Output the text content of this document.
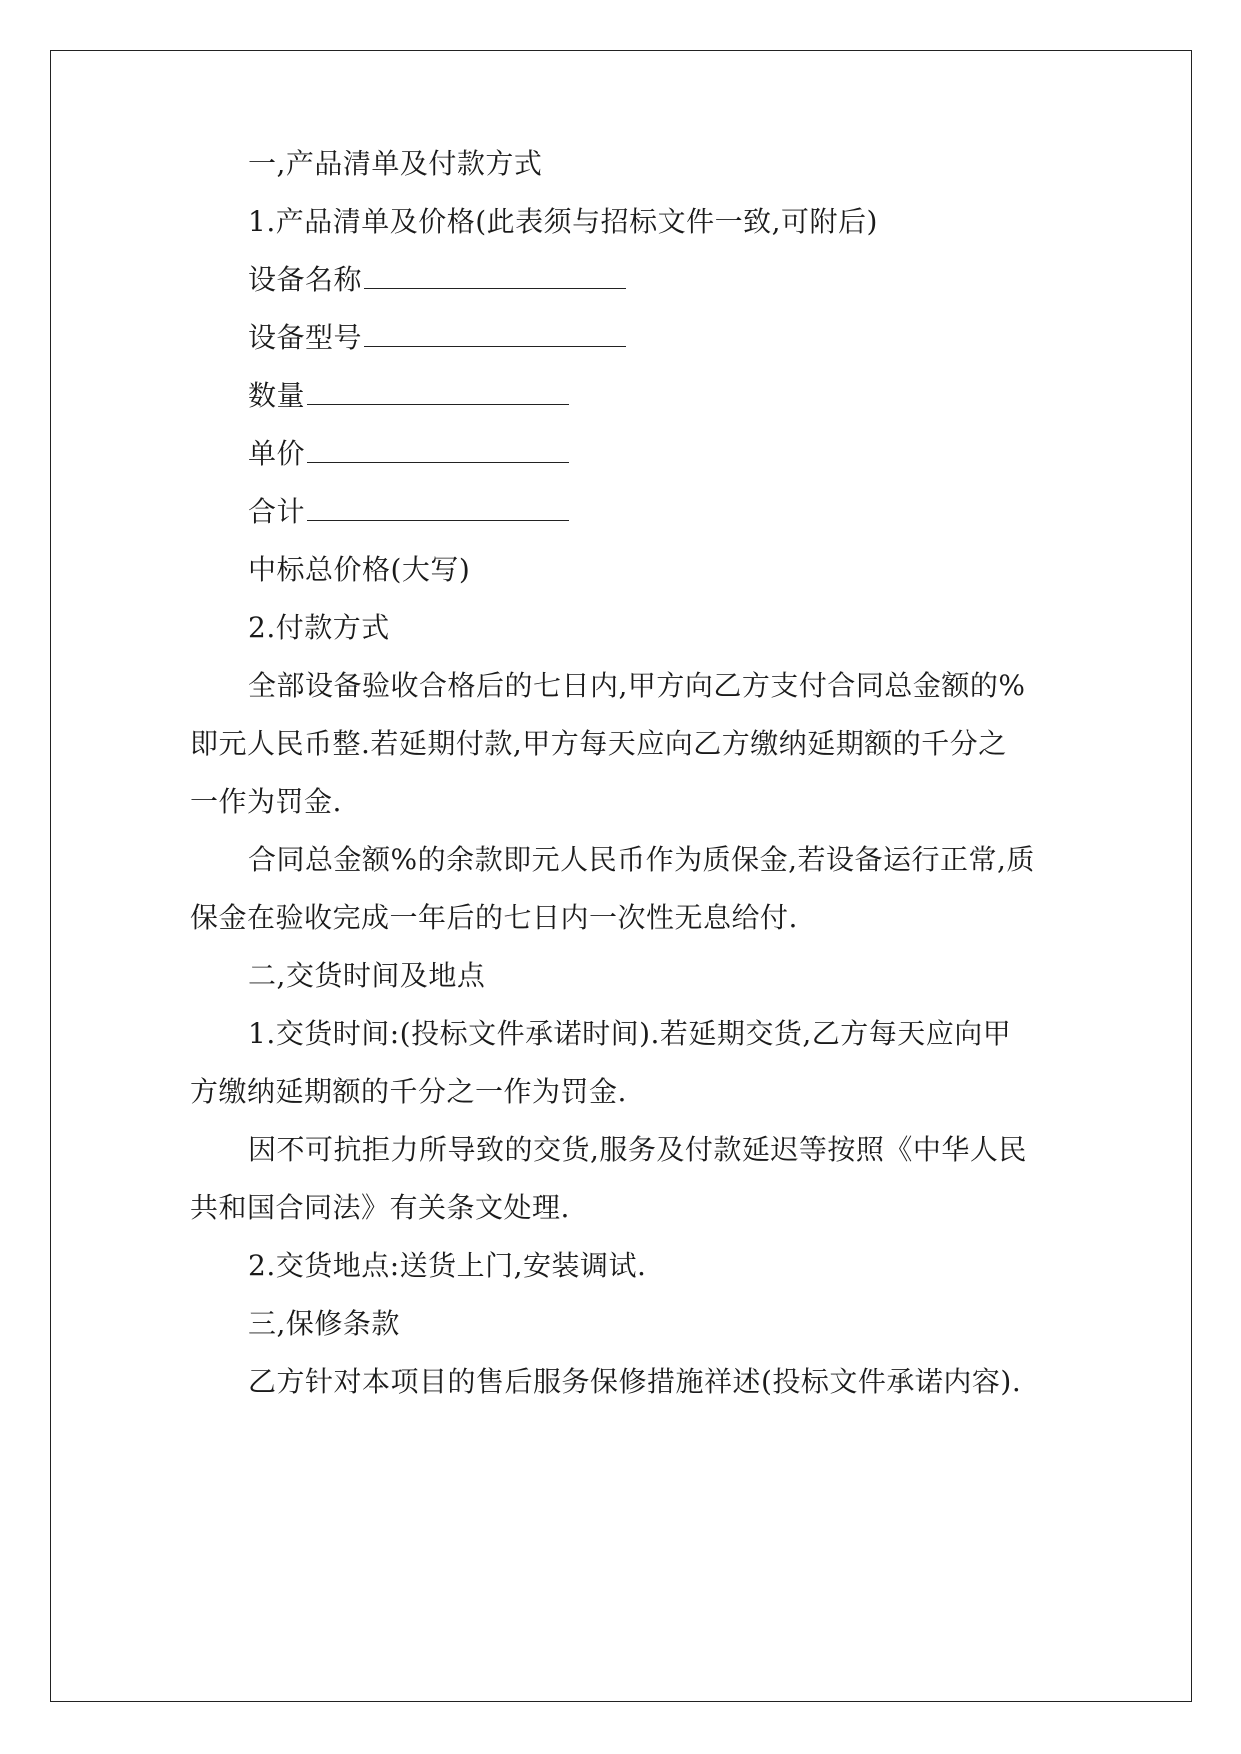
一,产品清单及付款方式
1.产品清单及价格(此表须与招标文件一致,可附后)
设备名称
设备型号
数量
单价
合计
中标总价格(大写)
2.付款方式
全部设备验收合格后的七日内,甲方向乙方支付合同总金额的%
即元人民币整.若延期付款,甲方每天应向乙方缴纳延期额的千分之
一作为罚金.
合同总金额%的余款即元人民币作为质保金,若设备运行正常,质
保金在验收完成一年后的七日内一次性无息给付.
二,交货时间及地点
1.交货时间:(投标文件承诺时间).若延期交货,乙方每天应向甲
方缴纳延期额的千分之一作为罚金.
因不可抗拒力所导致的交货,服务及付款延迟等按照《中华人民
共和国合同法》有关条文处理.
2.交货地点:送货上门,安装调试.
三,保修条款
乙方针对本项目的售后服务保修措施祥述(投标文件承诺内容).
